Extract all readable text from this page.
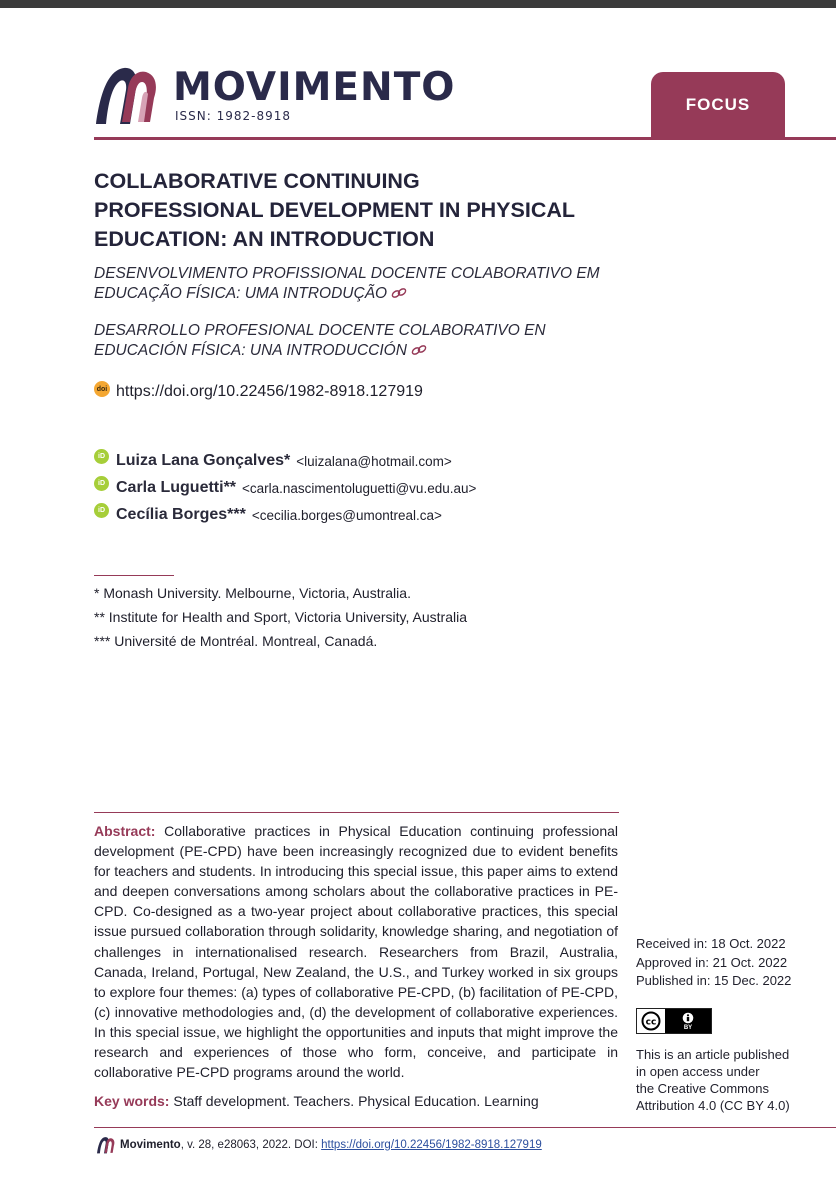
MOVIMENTO
ISSN: 1982-8918
FOCUS
COLLABORATIVE CONTINUING
PROFESSIONAL DEVELOPMENT IN PHYSICAL
EDUCATION: AN INTRODUCTION
DESENVOLVIMENTO PROFISSIONAL DOCENTE COLABORATIVO EM
EDUCAÇÃO FÍSICA: UMA INTRODUÇÃO
DESARROLLO PROFESIONAL DOCENTE COLABORATIVO EN
EDUCACIÓN FÍSICA: UNA INTRODUCCIÓN
doi https://doi.org/10.22456/1982-8918.127919
iD Luiza Lana Gonçalves* <luizalana@hotmail.com>
iD Carla Luguetti** <carla.nascimentoluguetti@vu.edu.au>
iD Cecília Borges*** <cecilia.borges@umontreal.ca>
* Monash University. Melbourne, Victoria, Australia.
** Institute for Health and Sport, Victoria University, Australia
*** Université de Montréal. Montreal, Canadá.
Abstract: Collaborative practices in Physical Education continuing professional development (PE-CPD) have been increasingly recognized due to evident benefits for teachers and students. In introducing this special issue, this paper aims to extend and deepen conversations among scholars about the collaborative practices in PE-CPD. Co-designed as a two-year project about collaborative practices, this special issue pursued collaboration through solidarity, knowledge sharing, and negotiation of challenges in internationalised research. Researchers from Brazil, Australia, Canada, Ireland, Portugal, New Zealand, the U.S., and Turkey worked in six groups to explore four themes: (a) types of collaborative PE-CPD, (b) facilitation of PE-CPD, (c) innovative methodologies and, (d) the development of collaborative experiences. In this special issue, we highlight the opportunities and inputs that might improve the research and experiences of those who form, conceive, and participate in collaborative PE-CPD programs around the world.
Key words: Staff development. Teachers. Physical Education. Learning
Received in: 18 Oct. 2022
Approved in: 21 Oct. 2022
Published in: 15 Dec. 2022
cc	BY
This is an article published
in open access under
the Creative Commons
Attribution 4.0 (CC BY 4.0)
Movimento , v. 28, e28063, 2022. DOI: https://doi.org/10.22456/1982-8918.127919
